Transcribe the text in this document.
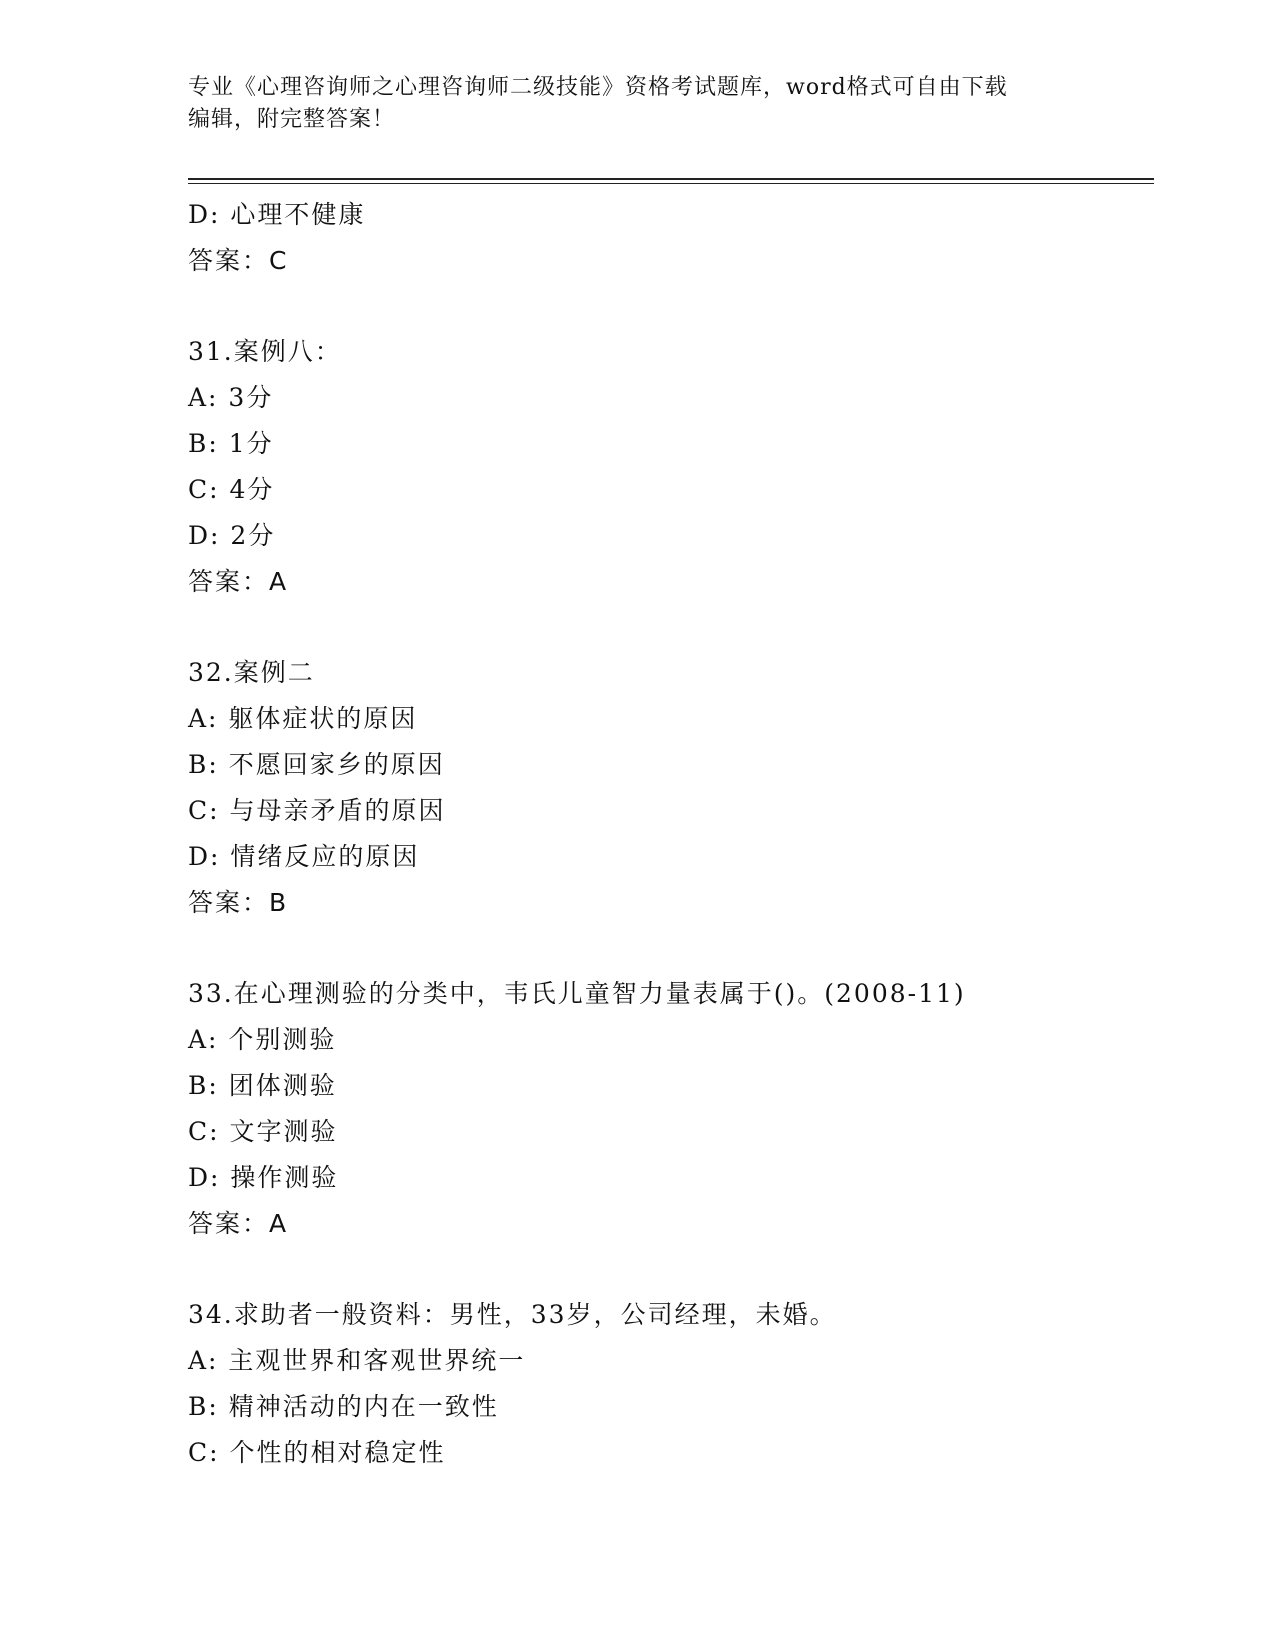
专业《心理咨询师之心理咨询师二级技能》资格考试题库，word格式可自由下载
编辑，附完整答案！
D: 心理不健康
答案：C
31.案例八：
A: 3分
B: 1分
C: 4分
D: 2分
答案：A
32.案例二
A: 躯体症状的原因
B: 不愿回家乡的原因
C: 与母亲矛盾的原因
D: 情绪反应的原因
答案：B
33.在心理测验的分类中，韦氏儿童智力量表属于()。(2008-11)
A: 个别测验
B: 团体测验
C: 文字测验
D: 操作测验
答案：A
34.求助者一般资料：男性，33岁，公司经理，未婚。
A: 主观世界和客观世界统一
B: 精神活动的内在一致性
C: 个性的相对稳定性
